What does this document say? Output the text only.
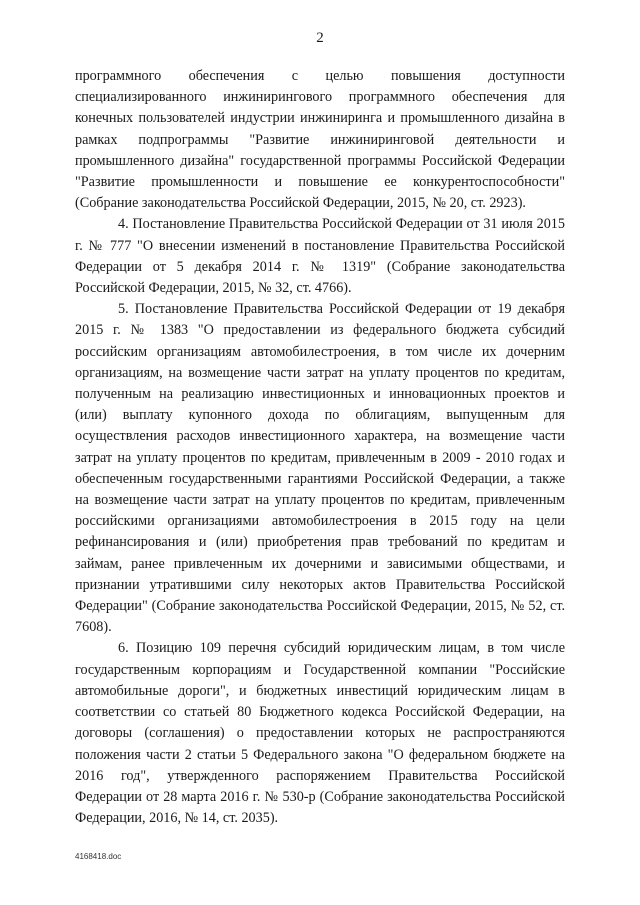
2

программного обеспечения с целью повышения доступности специализированного инжинирингового программного обеспечения для конечных пользователей индустрии инжиниринга и промышленного дизайна в рамках подпрограммы "Развитие инжиниринговой деятельности и промышленного дизайна" государственной программы Российской Федерации "Развитие промышленности и повышение ее конкурентоспособности" (Собрание законодательства Российской Федерации, 2015, № 20, ст. 2923).

4. Постановление Правительства Российской Федерации от 31 июля 2015 г. № 777 "О внесении изменений в постановление Правительства Российской Федерации от 5 декабря 2014 г. № 1319" (Собрание законодательства Российской Федерации, 2015, № 32, ст. 4766).

5. Постановление Правительства Российской Федерации от 19 декабря 2015 г. № 1383 "О предоставлении из федерального бюджета субсидий российским организациям автомобилестроения, в том числе их дочерним организациям, на возмещение части затрат на уплату процентов по кредитам, полученным на реализацию инвестиционных и инновационных проектов и (или) выплату купонного дохода по облигациям, выпущенным для осуществления расходов инвестиционного характера, на возмещение части затрат на уплату процентов по кредитам, привлеченным в 2009 - 2010 годах и обеспеченным государственными гарантиями Российской Федерации, а также на возмещение части затрат на уплату процентов по кредитам, привлеченным российскими организациями автомобилестроения в 2015 году на цели рефинансирования и (или) приобретения прав требований по кредитам и займам, ранее привлеченным их дочерними и зависимыми обществами, и признании утратившими силу некоторых актов Правительства Российской Федерации" (Собрание законодательства Российской Федерации, 2015, № 52, ст. 7608).

6. Позицию 109 перечня субсидий юридическим лицам, в том числе государственным корпорациям и Государственной компании "Российские автомобильные дороги", и бюджетных инвестиций юридическим лицам в соответствии со статьей 80 Бюджетного кодекса Российской Федерации, на договоры (соглашения) о предоставлении которых не распространяются положения части 2 статьи 5 Федерального закона "О федеральном бюджете на 2016 год", утвержденного распоряжением Правительства Российской Федерации от 28 марта 2016 г. № 530-р (Собрание законодательства Российской Федерации, 2016, № 14, ст. 2035).

4168418.doc
